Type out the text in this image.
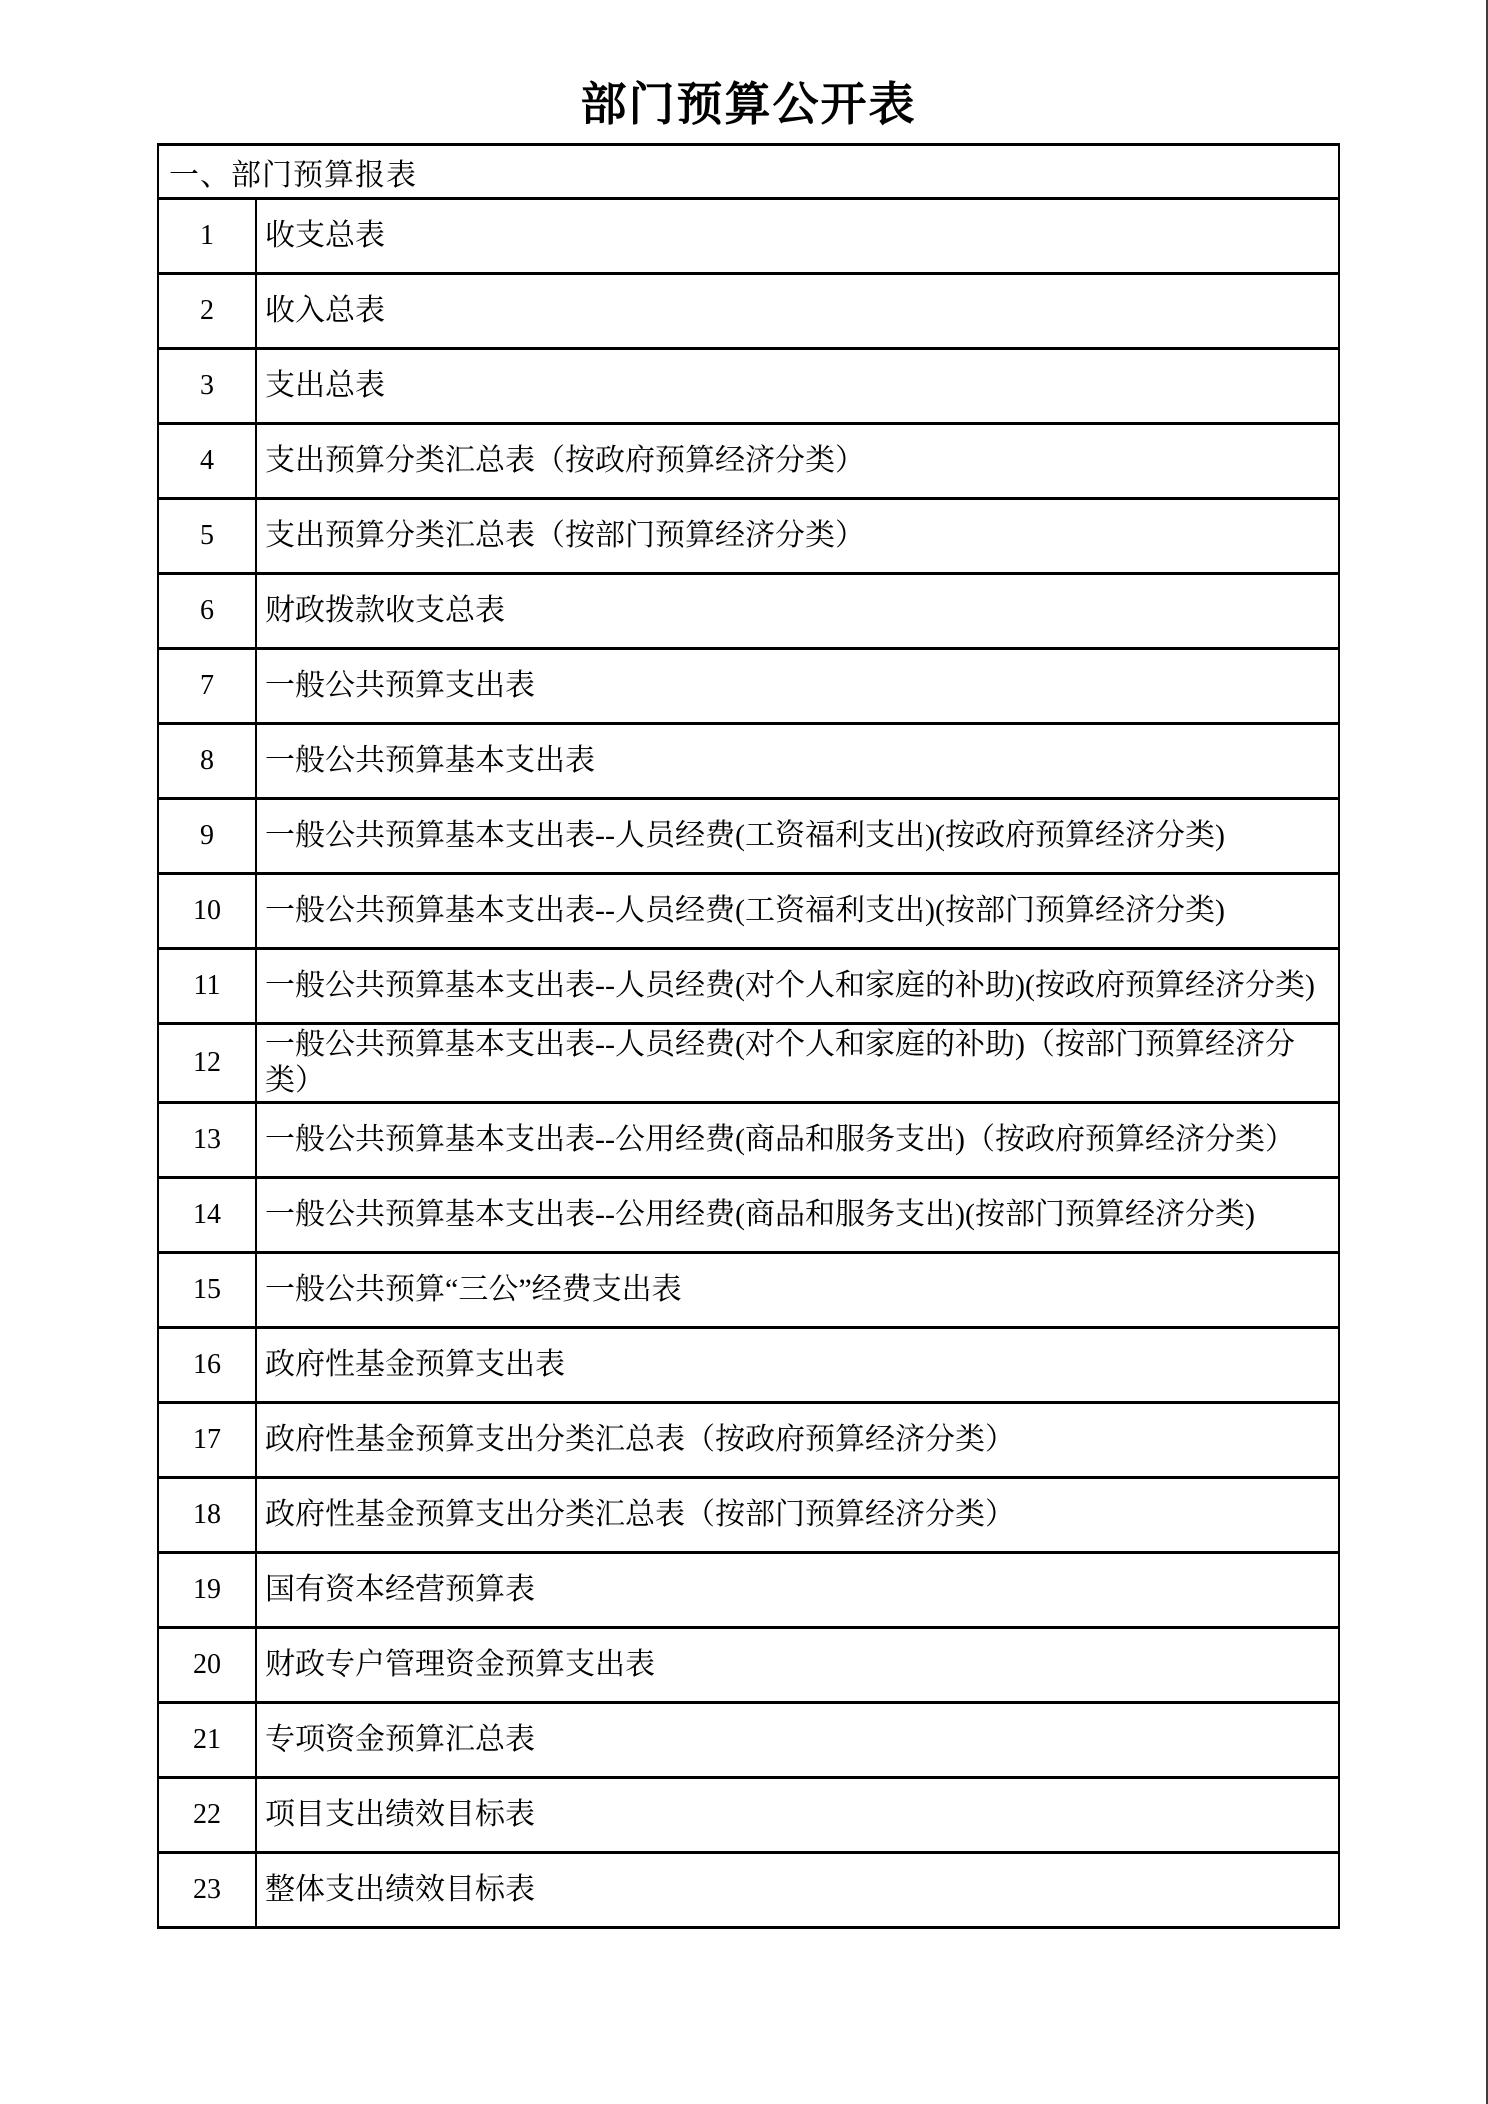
部门预算公开表
一、部门预算报表	
1	收支总表
2	收入总表
3	支出总表
4	支出预算分类汇总表（按政府预算经济分类）
5	支出预算分类汇总表（按部门预算经济分类）
6	财政拨款收支总表
7	一般公共预算支出表
8	一般公共预算基本支出表
9	一般公共预算基本支出表--人员经费(工资福利支出)(按政府预算经济分类)
10	一般公共预算基本支出表--人员经费(工资福利支出)(按部门预算经济分类)
11	一般公共预算基本支出表--人员经费(对个人和家庭的补助)(按政府预算经济分类)
12	一般公共预算基本支出表--人员经费(对个人和家庭的补助)（按部门预算经济分类）
13	一般公共预算基本支出表--公用经费(商品和服务支出)（按政府预算经济分类）
14	一般公共预算基本支出表--公用经费(商品和服务支出)(按部门预算经济分类)
15	一般公共预算“三公”经费支出表
16	政府性基金预算支出表
17	政府性基金预算支出分类汇总表（按政府预算经济分类）
18	政府性基金预算支出分类汇总表（按部门预算经济分类）
19	国有资本经营预算表
20	财政专户管理资金预算支出表
21	专项资金预算汇总表
22	项目支出绩效目标表
23	整体支出绩效目标表
